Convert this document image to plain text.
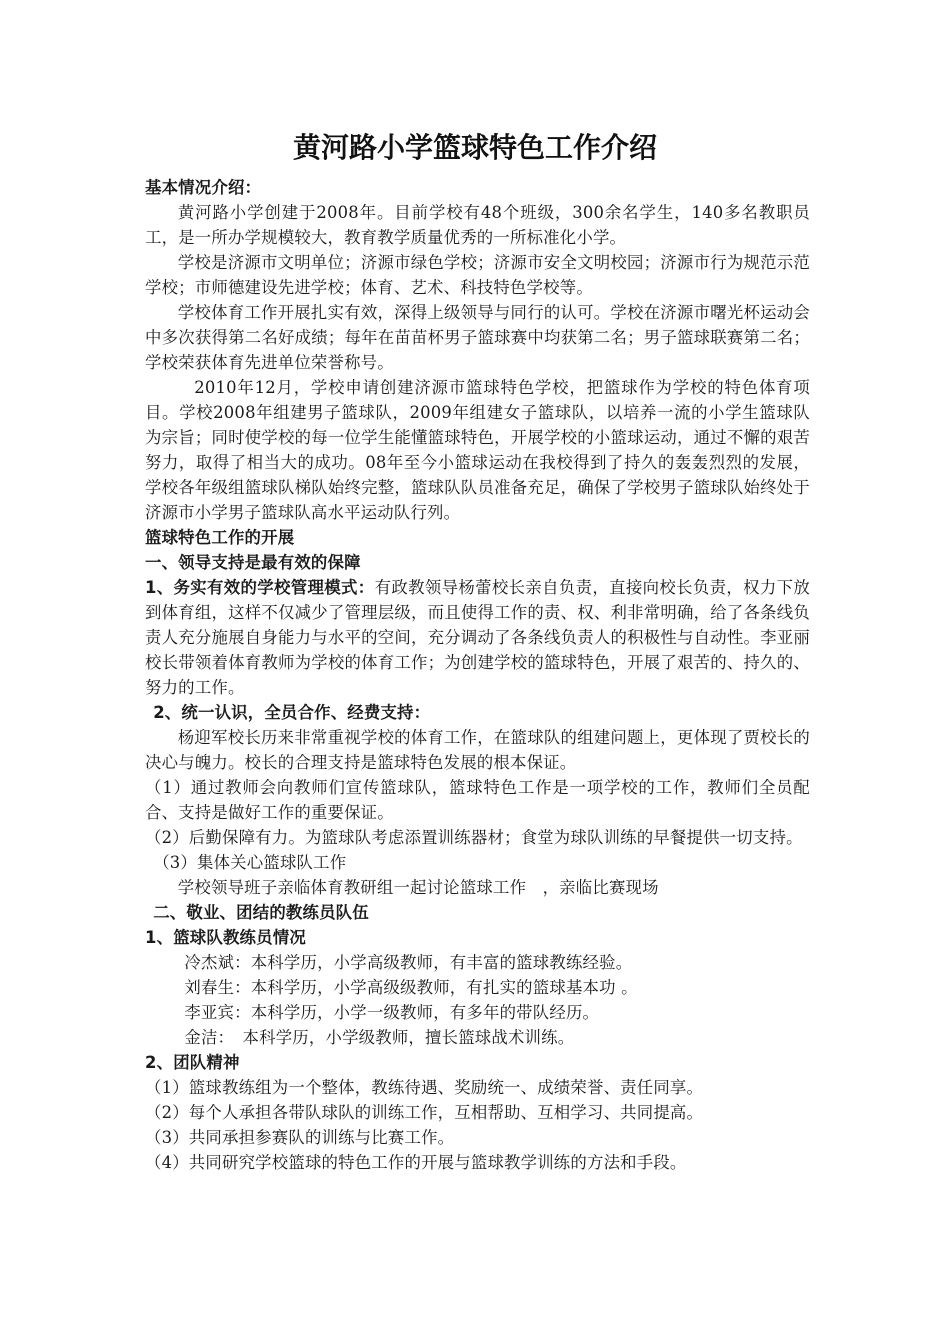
黄河路小学篮球特色工作介绍

基本情况介绍：

黄河路小学创建于2008年。目前学校有48个班级，300余名学生，140多名教职员工，是一所办学规模较大，教育教学质量优秀的一所标准化小学。

学校是济源市文明单位；济源市绿色学校；济源市安全文明校园；济源市行为规范示范学校；市师德建设先进学校；体育、艺术、科技特色学校等。

学校体育工作开展扎实有效，深得上级领导与同行的认可。学校在济源市曙光杯运动会中多次获得第二名好成绩；每年在苗苗杯男子篮球赛中均获第二名；男子篮球联赛第二名；学校荣获体育先进单位荣誉称号。

2010年12月，学校申请创建济源市篮球特色学校，把篮球作为学校的特色体育项目。学校2008年组建男子篮球队，2009年组建女子篮球队，以培养一流的小学生篮球队为宗旨；同时使学校的每一位学生能懂篮球特色，开展学校的小篮球运动，通过不懈的艰苦努力，取得了相当大的成功。08年至今小篮球运动在我校得到了持久的轰轰烈烈的发展，学校各年级组篮球队梯队始终完整，篮球队队员准备充足，确保了学校男子篮球队始终处于济源市小学男子篮球队高水平运动队行列。

篮球特色工作的开展

一、领导支持是最有效的保障

1、务实有效的学校管理模式：有政教领导杨蕾校长亲自负责，直接向校长负责，权力下放到体育组，这样不仅减少了管理层级，而且使得工作的责、权、利非常明确，给了各条线负责人充分施展自身能力与水平的空间，充分调动了各条线负责人的积极性与自动性。李亚丽校长带领着体育教师为学校的体育工作；为创建学校的篮球特色，开展了艰苦的、持久的、努力的工作。

2、统一认识，全员合作、经费支持：

杨迎军校长历来非常重视学校的体育工作，在篮球队的组建问题上，更体现了贾校长的决心与魄力。校长的合理支持是篮球特色发展的根本保证。

（1）通过教师会向教师们宣传篮球队，篮球特色工作是一项学校的工作，教师们全员配合、支持是做好工作的重要保证。

（2）后勤保障有力。为篮球队考虑添置训练器材；食堂为球队训练的早餐提供一切支持。

（3）集体关心篮球队工作

学校领导班子亲临体育教研组一起讨论篮球工作 ，亲临比赛现场

二、敬业、团结的教练员队伍

1、篮球队教练员情况

冷杰斌：本科学历，小学高级教师，有丰富的篮球教练经验。

刘春生：本科学历，小学高级级教师，有扎实的篮球基本功 。

李亚宾：本科学历，小学一级教师，有多年的带队经历。

金洁：　本科学历，小学级教师，擅长篮球战术训练。

2、团队精神

（1）篮球教练组为一个整体，教练待遇、奖励统一、成绩荣誉、责任同享。

（2）每个人承担各带队球队的训练工作，互相帮助、互相学习、共同提高。

（3）共同承担参赛队的训练与比赛工作。

（4）共同研究学校篮球的特色工作的开展与篮球教学训练的方法和手段。
